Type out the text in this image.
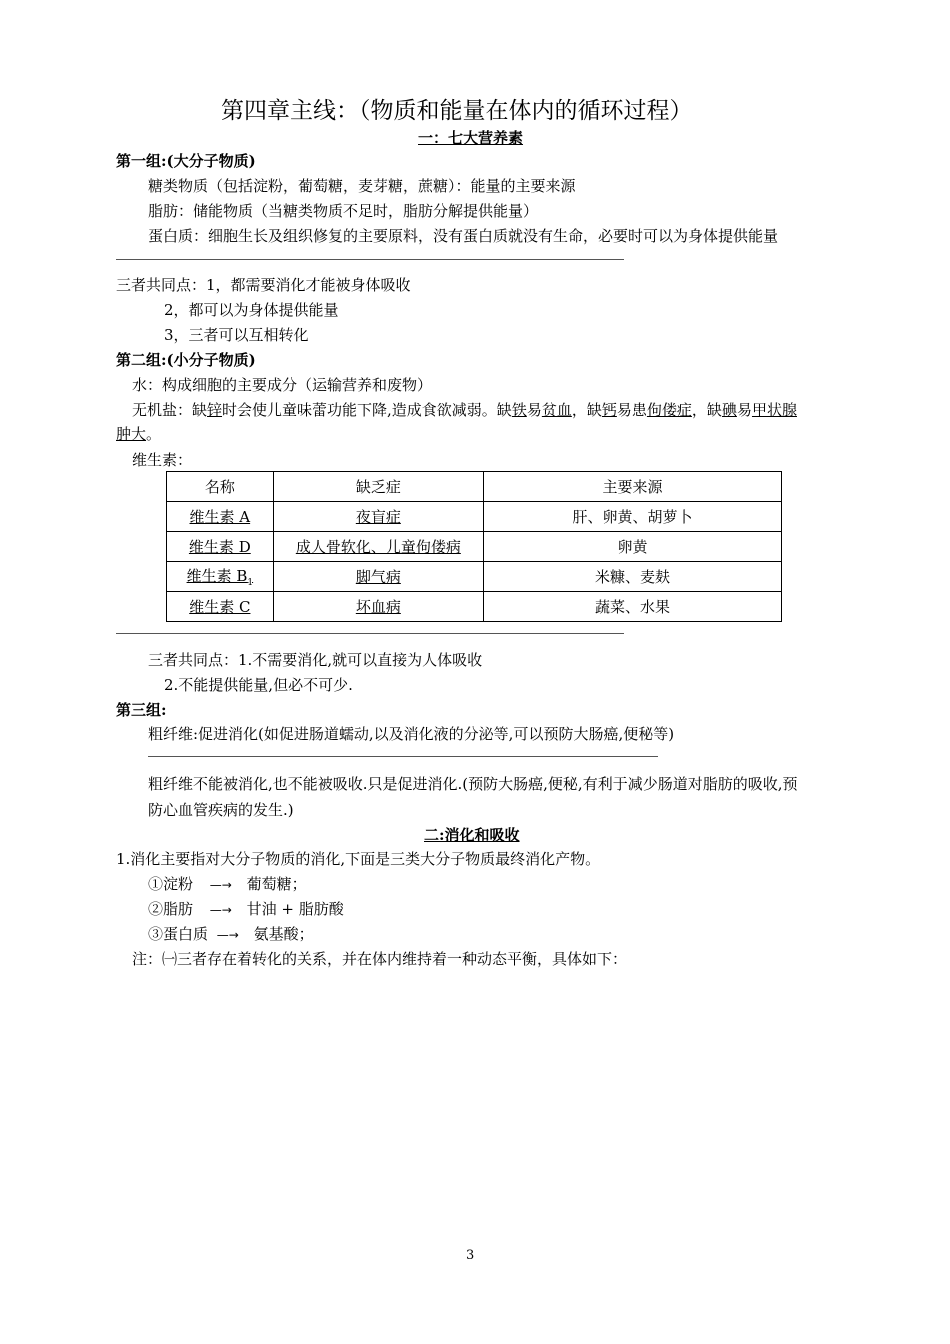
第四章主线：（物质和能量在体内的循环过程）
一：七大营养素
第一组:(大分子物质)
糖类物质（包括淀粉，葡萄糖，麦芽糖，蔗糖）：能量的主要来源
脂肪：储能物质（当糖类物质不足时，脂肪分解提供能量）
蛋白质：细胞生长及组织修复的主要原料，没有蛋白质就没有生命，必要时可以为身体提供能量
三者共同点：1，都需要消化才能被身体吸收
2，都可以为身体提供能量
3，三者可以互相转化
第二组:(小分子物质)
水：构成细胞的主要成分（运输营养和废物）
无机盐：缺锌时会使儿童味蕾功能下降,造成食欲减弱。缺铁易贫血，缺钙易患佝偻症，缺碘易甲状腺
肿大。
维生素：
名称	缺乏症	主要来源
维生素 A	夜盲症	肝、卵黄、胡萝卜
维生素 D	成人骨软化、儿童佝偻病	卵黄
维生素 $B_1$	脚气病	米糠、麦麸
维生素 C	坏血病	蔬菜、水果
三者共同点：1.不需要消化,就可以直接为人体吸收
2.不能提供能量,但必不可少.
第三组:
粗纤维:促进消化(如促进肠道蠕动,以及消化液的分泌等,可以预防大肠癌,便秘等)
粗纤维不能被消化,也不能被吸收.只是促进消化.(预防大肠癌,便秘,有利于减少肠道对脂肪的吸收,预
防心血管疾病的发生.)
二:消化和吸收
1.消化主要指对大分子物质的消化,下面是三类大分子物质最终消化产物。
①淀粉 —→ 葡萄糖；
②脂肪 —→ 甘油 + 脂肪酸
③蛋白质 —→ 氨基酸；
注：㈠三者存在着转化的关系，并在体内维持着一种动态平衡，具体如下：
3
